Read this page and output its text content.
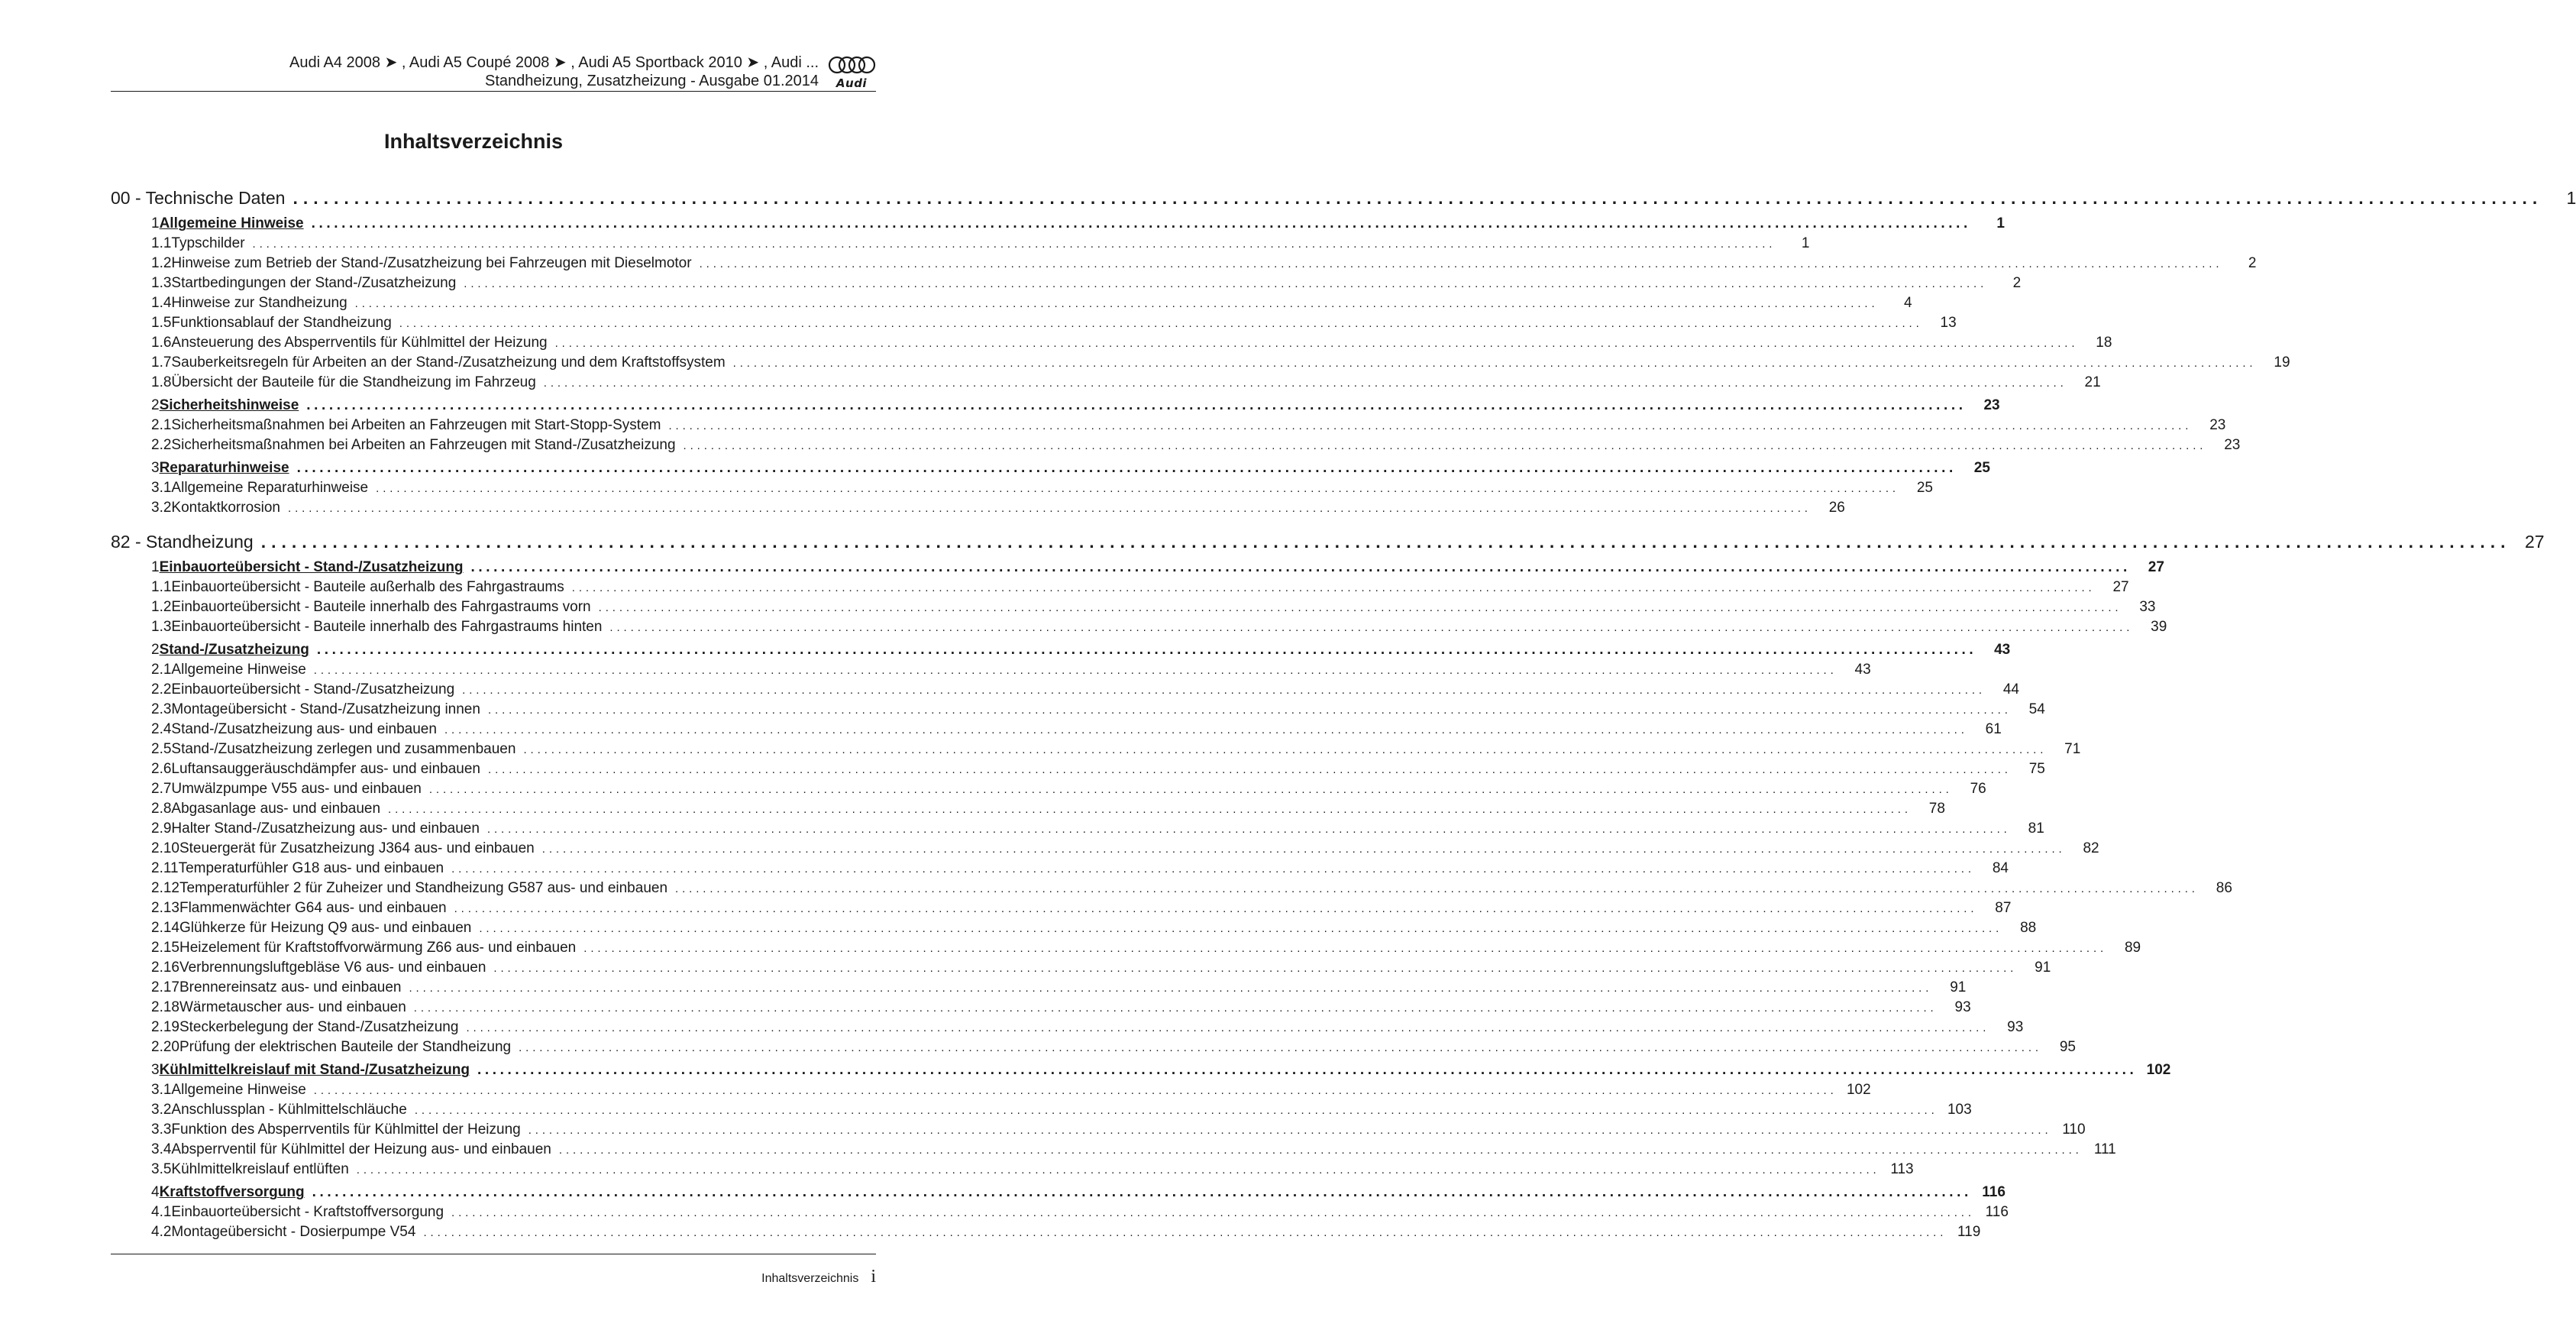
Audi A4 2008 ➤ , Audi A5 Coupé 2008 ➤ , Audi A5 Sportback 2010 ➤ , Audi ...
Standheizung, Zusatzheizung - Ausgabe 01.2014	Audi
Inhaltsverzeichnis
00 - Technische Daten ............................................................................................................................................................................................................................	1
1 Allgemeine Hinweise ............................................................................................................................................................................................................................	1
1.1 Typschilder ............................................................................................................................................................................................................................	1
1.2 Hinweise zum Betrieb der Stand-/Zusatzheizung bei Fahrzeugen mit Dieselmotor ............................................................................................................................................................................................................................	2
1.3 Startbedingungen der Stand-/Zusatzheizung ............................................................................................................................................................................................................................	2
1.4 Hinweise zur Standheizung ............................................................................................................................................................................................................................	4
1.5 Funktionsablauf der Standheizung ............................................................................................................................................................................................................................	13
1.6 Ansteuerung des Absperrventils für Kühlmittel der Heizung ............................................................................................................................................................................................................................	18
1.7 Sauberkeitsregeln für Arbeiten an der Stand-/Zusatzheizung und dem Kraftstoffsystem ............................................................................................................................................................................................................................	19
1.8 Übersicht der Bauteile für die Standheizung im Fahrzeug ............................................................................................................................................................................................................................	21
2 Sicherheitshinweise ............................................................................................................................................................................................................................	23
2.1 Sicherheitsmaßnahmen bei Arbeiten an Fahrzeugen mit Start-Stopp-System ............................................................................................................................................................................................................................	23
2.2 Sicherheitsmaßnahmen bei Arbeiten an Fahrzeugen mit Stand-/Zusatzheizung ............................................................................................................................................................................................................................	23
3 Reparaturhinweise ............................................................................................................................................................................................................................	25
3.1 Allgemeine Reparaturhinweise ............................................................................................................................................................................................................................	25
3.2 Kontaktkorrosion ............................................................................................................................................................................................................................	26
82 - Standheizung ............................................................................................................................................................................................................................ 27
1 Einbauorteübersicht - Stand-/Zusatzheizung ............................................................................................................................................................................................................................	27
1.1 Einbauorteübersicht - Bauteile außerhalb des Fahrgastraums ............................................................................................................................................................................................................................	27
1.2 Einbauorteübersicht - Bauteile innerhalb des Fahrgastraums vorn ............................................................................................................................................................................................................................	33
1.3 Einbauorteübersicht - Bauteile innerhalb des Fahrgastraums hinten ............................................................................................................................................................................................................................	39
2 Stand-/Zusatzheizung ............................................................................................................................................................................................................................	43
2.1 Allgemeine Hinweise ............................................................................................................................................................................................................................	43
2.2 Einbauorteübersicht - Stand-/Zusatzheizung ............................................................................................................................................................................................................................	44
2.3 Montageübersicht - Stand-/Zusatzheizung innen ............................................................................................................................................................................................................................	54
2.4 Stand-/Zusatzheizung aus- und einbauen ............................................................................................................................................................................................................................	61
2.5 Stand-/Zusatzheizung zerlegen und zusammenbauen ............................................................................................................................................................................................................................	71
2.6 Luftansauggeräuschdämpfer aus- und einbauen ............................................................................................................................................................................................................................	75
2.7 Umwälzpumpe V55 aus- und einbauen ............................................................................................................................................................................................................................	76
2.8 Abgasanlage aus- und einbauen ............................................................................................................................................................................................................................	78
2.9 Halter Stand-/Zusatzheizung aus- und einbauen ............................................................................................................................................................................................................................	81
2.10 Steuergerät für Zusatzheizung J364 aus- und einbauen ............................................................................................................................................................................................................................	82
2.11 Temperaturfühler G18 aus- und einbauen ............................................................................................................................................................................................................................	84
2.12 Temperaturfühler 2 für Zuheizer und Standheizung G587 aus- und einbauen ............................................................................................................................................................................................................................	86
2.13 Flammenwächter G64 aus- und einbauen ............................................................................................................................................................................................................................	87
2.14 Glühkerze für Heizung Q9 aus- und einbauen ............................................................................................................................................................................................................................	88
2.15 Heizelement für Kraftstoffvorwärmung Z66 aus- und einbauen ............................................................................................................................................................................................................................	89
2.16 Verbrennungsluftgebläse V6 aus- und einbauen ............................................................................................................................................................................................................................	91
2.17 Brennereinsatz aus- und einbauen ............................................................................................................................................................................................................................	91
2.18 Wärmetauscher aus- und einbauen ............................................................................................................................................................................................................................	93
2.19 Steckerbelegung der Stand-/Zusatzheizung ............................................................................................................................................................................................................................	93
2.20 Prüfung der elektrischen Bauteile der Standheizung ............................................................................................................................................................................................................................	95
3 Kühlmittelkreislauf mit Stand-/Zusatzheizung ............................................................................................................................................................................................................................ 102
3.1 Allgemeine Hinweise ............................................................................................................................................................................................................................ 102
3.2 Anschlussplan - Kühlmittelschläuche ............................................................................................................................................................................................................................ 103
3.3 Funktion des Absperrventils für Kühlmittel der Heizung ............................................................................................................................................................................................................................ 110
3.4 Absperrventil für Kühlmittel der Heizung aus- und einbauen ............................................................................................................................................................................................................................ 111
3.5 Kühlmittelkreislauf entlüften ............................................................................................................................................................................................................................ 113
4 Kraftstoffversorgung ............................................................................................................................................................................................................................ 116
4.1 Einbauorteübersicht - Kraftstoffversorgung ............................................................................................................................................................................................................................ 116
4.2 Montageübersicht - Dosierpumpe V54 ............................................................................................................................................................................................................................ 119
Inhaltsverzeichnis i
